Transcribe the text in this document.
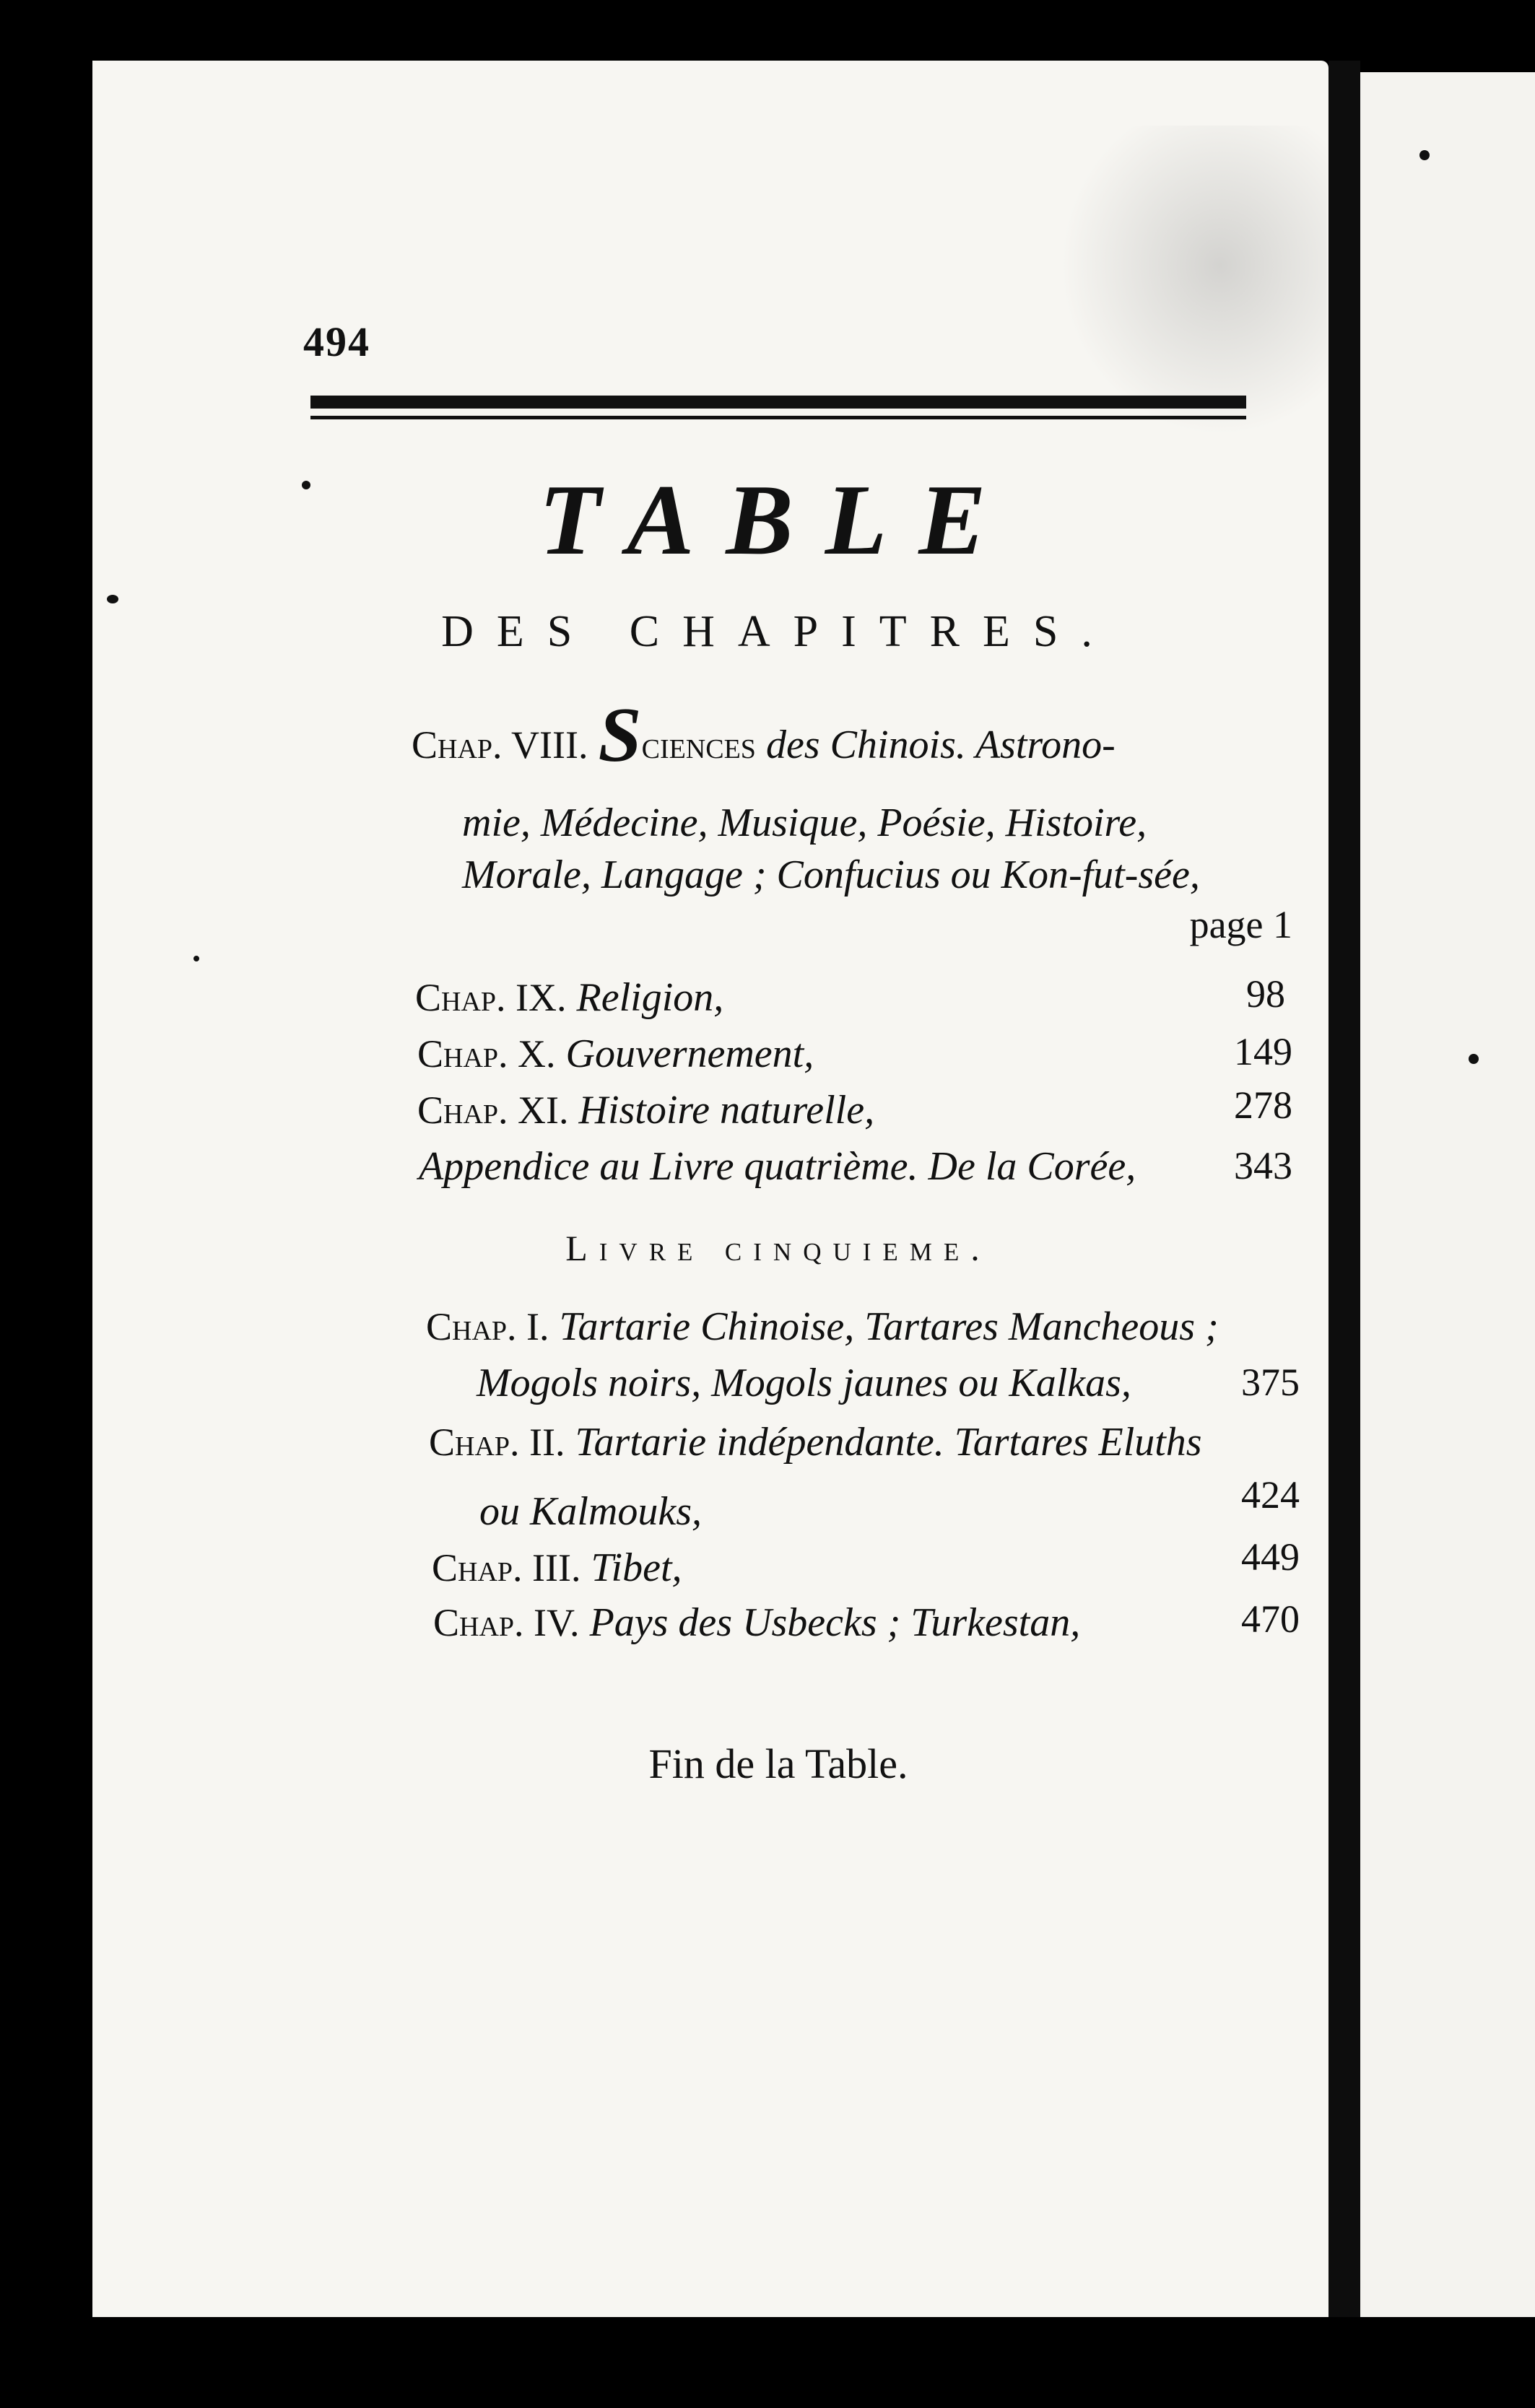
494
TABLE
DES CHAPITRES.
Chap. VIII. Sciences des Chinois. Astrono-
mie, Médecine, Musique, Poésie, Histoire,
Morale, Langage ; Confucius ou Kon-fut-sée,
page 1
Chap. IX. Religion,	98
Chap. X. Gouvernement,	149
Chap. XI. Histoire naturelle,	278
Appendice au Livre quatrième. De la Corée,	343
Livre cinquieme.
Chap. I. Tartarie Chinoise, Tartares Mancheous ;
Mogols noirs, Mogols jaunes ou Kalkas,	375
Chap. II. Tartarie indépendante. Tartares Eluths
ou Kalmouks,	424
Chap. III. Tibet,	449
Chap. IV. Pays des Usbecks ; Turkestan,	470
Fin de la Table.
